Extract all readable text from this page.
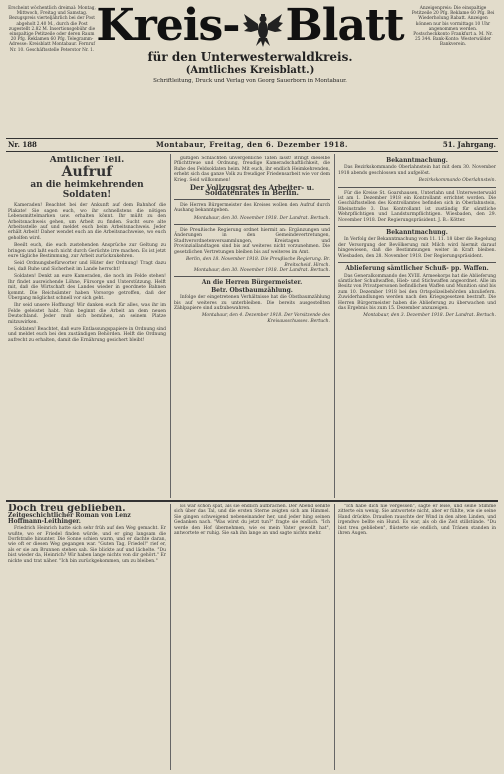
Erscheint wöchentlich dreimal: Montag, Mittwoch, Freitag und Samstag. Bezugspreis vierteljährlich bei der Post abgeholt 2.40 M., durch die Post zugestellt 2.82 M. Insertionsgebühr die einspaltige Petitzeile oder deren Raum 20 Pfg. Reklamen 60 Pfg. Telegramm-Adresse: Kreisblatt Montabaur. Fernruf Nr. 10. Geschäftsstelle Peterstor Nr. 1. Kreis- Blatt
für den Unterwesterwaldkreis.
(Amtliches Kreisblatt.)
Schriftleitung, Druck und Verlag von Georg Sauerborn in Montabaur.
Anzeigenpreis: Die einspaltige Petitzeile 20 Pfg. Reklame 60 Pfg. Bei Wiederholung Rabatt. Anzeigen können nur bis vormittags 10 Uhr angenommen werden. Postscheckkonto Frankfurt a. M. Nr. 25 344. Bank-Konto: Westerwälder Bankverein.
Nr. 188	Montabaur, Freitag, den 6. Dezember 1918.	51. Jahrgang.
Amtlicher Teil.
Aufruf
an die heimkehrenden Soldaten!

Kameraden! Beachtet bei der Ankunft auf dem Bahnhof die Plakate! Sie sagen euch, wo ihr schnellstens die nötigen Lebensmittelmarken usw. erhalten könnt. Ihr müßt zu den Arbeitsnachweis gehen, um Arbeit zu finden. Sucht eure alte Arbeitsstelle auf und meldet euch beim Arbeitsnachweis. Jeder erhält Arbeit! Daher wendet euch an die Arbeitsnachweise, wo euch geholfen wird.

Beeilt euch, die euch zustehenden Ansprüche zur Geltung zu bringen und laßt euch nicht durch Gerüchte irre machen. Es ist jetzt eure tägliche Bestimmung, zur Arbeit zurückzukehren.

Seid Ordnungsbefürworter und Hüter der Ordnung! Tragt dazu bei, daß Ruhe und Sicherheit im Lande herrscht!

Soldaten! Denkt an eure Kameraden, die noch im Felde stehen! Ihr findet ausreichende Löhne, Fürsorge und Unterstützung. Helft mit, daß die Wirtschaft des Landes wieder in geordnete Bahnen kommt. Die Reichsämter haben Vorsorge getroffen, daß der Übergang möglichst schnell vor sich geht.

Ihr seid unsere Hoffnung! Wir danken euch für alles, was ihr im Felde geleistet habt. Nun beginnt die Arbeit an dem neuen Deutschland. Jeder muß sich bemühen, an seinem Platze mitzuwirken.

Soldaten! Beachtet, daß eure Entlassungspapiere in Ordnung sind und meldet euch bei den zuständigen Behörden. Helft die Ordnung aufrecht zu erhalten, damit die Ernährung gesichert bleibt!

gültigen Schlachten unvergeßliche Taten lässt! Bringt dieselbe Pflichttreue und Ordnung, freudige Kameradschaftlichkeit, die Ruhe des Feldsoldaten heim. Mit euch, ihr endlich Heimkehrenden, erhebt sich das ganze Volk zu freudiger Friedensarbeit wie vor dem Krieg. Seid willkommen!

Der Vollzugsrat des Arbeiter- u. Soldatenrates in Berlin.

Die Herren Bürgermeister des Kreises wollen den Aufruf durch Aushang bekanntgeben.

Montabaur, den 30. November 1918. Der Landrat. Bertuch.

Die Preußische Regierung ordnet hiermit an: Ergänzungen und Änderungen in den Gemeindevertretungen, Stadtverordnetenversammlungen, Kreistagen und Provinziallandtagen sind bis auf weiteres nicht vorzunehmen. Die gesetzlichen Vertretungen bleiben bis auf weiteres im Amt.

Berlin, den 18. November 1918. Die Preußische Regierung. Br. Breitscheid. Hirsch.
Montabaur, den 30. November 1918. Der Landrat. Bertuch.
An die Herren Bürgermeister.
Betr. Obstbaumzählung.

Infolge der eingetretenen Verhältnisse hat die Obstbaumzählung bis auf weiteres zu unterbleiben. Die bereits ausgestellten Zählpapiere sind aufzubewahren.

Montabaur, den 4. Dezember 1918. Der Vorsitzende des Kreisausschusses. Bertuch.
Bekanntmachung.

Das Bezirkskommando Oberlahnstein hat mit dem 30. November 1918 abends geschlossen und aufgelöst.

Bezirkskommando Oberlahnstein.

Für die Kreise St. Goarshausen, Unterlahn und Unterwesterwald ist am 1. Dezember 1918 ein Kontrollamt errichtet worden. Die Geschäftsstellen des Kontrollamtes befinden sich in Oberlahnstein, Rheinstraße 3. Das Kontrollamt ist zuständig für sämtliche Wehrpflichtigen und Landsturmpflichtigen. Wiesbaden, den 29. November 1918. Der Regierungspräsident. J. B.: Kötter.

Bekanntmachung.

In Verfolg der Bekanntmachung vom 11. 11. 18 über die Regelung der Versorgung der Bevölkerung mit Milch wird hiermit darauf hingewiesen, daß die Bestimmungen weiter in Kraft bleiben. Wiesbaden, den 28. November 1918. Der Regierungspräsident.

Ablieferung sämtlicher Schuß- pp. Waffen.

Das Generalkommando des XVIII. Armeekorps hat die Ablieferung sämtlicher Schußwaffen, Hieb- und Stichwaffen angeordnet. Alle im Besitz von Privatpersonen befindlichen Waffen und Munition sind bis zum 10. Dezember 1918 bei den Ortspolizeibehörden abzuliefern. Zuwiderhandlungen werden nach den Kriegsgesetzen bestraft. Die Herren Bürgermeister haben die Ablieferung zu überwachen und das Ergebnis bis zum 15. Dezember anzuzeigen.

Montabaur, den 3. Dezember 1918. Der Landrat. Bertuch.
Doch treu geblieben.
Zeitgeschichtlicher Roman von Lenz Hoffmann-Leithinger.

Friedrich Heinrich hatte sich sehr früh auf den Weg gemacht. Er wußte, wo er Friedel finden würde, und er ging langsam die Dorfstraße hinunter. Die Sonne schien warm, und er dachte daran, wie oft er diesen Weg gegangen war. "Guten Tag, Friedel!" rief er, als er sie am Brunnen stehen sah. Sie blickte auf und lächelte. "Du bist wieder da, Heinrich? Wir haben lange nichts von dir gehört." Er nickte und trat näher. "Ich bin zurückgekommen, um zu bleiben."

Es war schon spät, als sie endlich aufbrachen. Der Abend senkte sich über das Tal, und die ersten Sterne zeigten sich am Himmel. Sie gingen schweigend nebeneinander her, und jeder hing seinen Gedanken nach. "Was wirst du jetzt tun?" fragte sie endlich. "Ich werde den Hof übernehmen, wie es mein Vater gewollt hat", antwortete er ruhig. Sie sah ihn lange an und sagte nichts mehr.

"Ich habe dich nie vergessen", sagte er leise, und seine Stimme zitterte ein wenig. Sie antwortete nicht, aber er fühlte, wie sie seine Hand drückte. Draußen rauschte der Wind in den alten Linden, und irgendwo bellte ein Hund. Es war, als ob die Zeit stillstünde. "Du bist treu geblieben", flüsterte sie endlich, und Tränen standen in ihren Augen.
